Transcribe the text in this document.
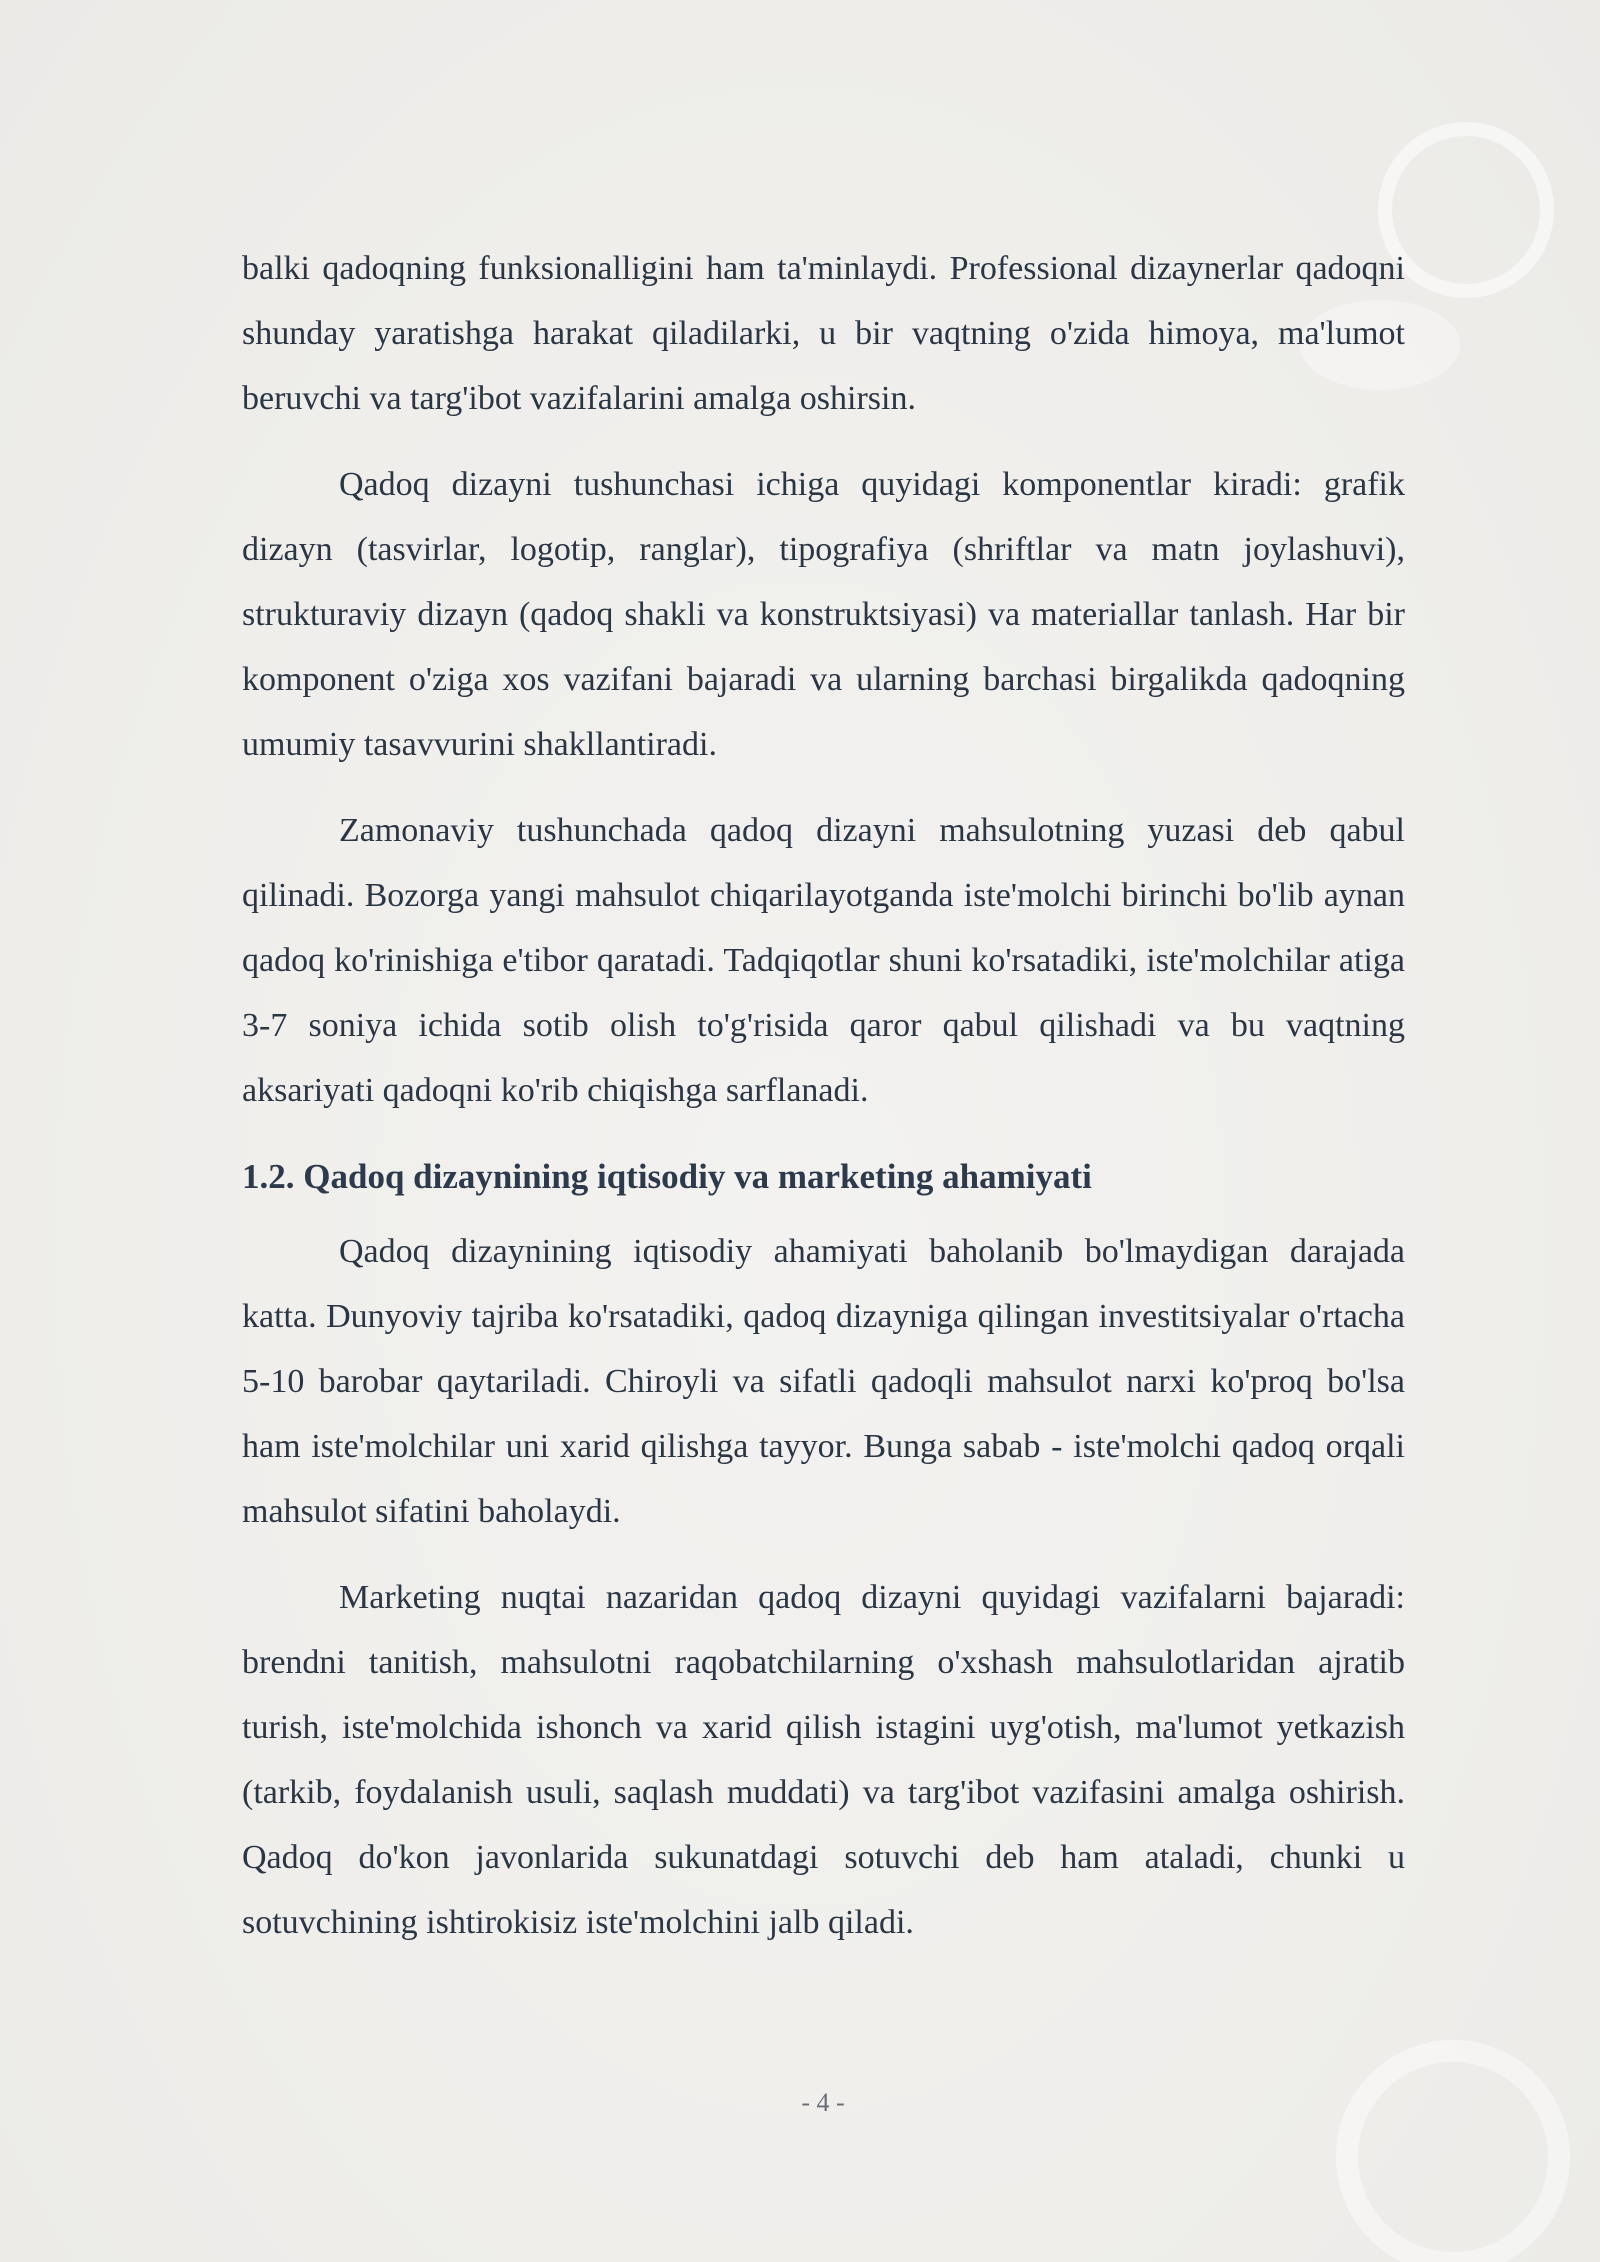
balki qadoqning funksionalligini ham ta'minlaydi. Professional dizaynerlar qadoqni shunday yaratishga harakat qiladilarki, u bir vaqtning o'zida himoya, ma'lumot beruvchi va targ'ibot vazifalarini amalga oshirsin.

Qadoq dizayni tushunchasi ichiga quyidagi komponentlar kiradi: grafik dizayn (tasvirlar, logotip, ranglar), tipografiya (shriftlar va matn joylashuvi), strukturaviy dizayn (qadoq shakli va konstruktsiyasi) va materiallar tanlash. Har bir komponent o'ziga xos vazifani bajaradi va ularning barchasi birgalikda qadoqning umumiy tasavvurini shakllantiradi.

Zamonaviy tushunchada qadoq dizayni mahsulotning yuzasi deb qabul qilinadi. Bozorga yangi mahsulot chiqarilayotganda iste'molchi birinchi bo'lib aynan qadoq ko'rinishiga e'tibor qaratadi. Tadqiqotlar shuni ko'rsatadiki, iste'molchilar atiga 3-7 soniya ichida sotib olish to'g'risida qaror qabul qilishadi va bu vaqtning aksariyati qadoqni ko'rib chiqishga sarflanadi.

1.2. Qadoq dizaynining iqtisodiy va marketing ahamiyati

Qadoq dizaynining iqtisodiy ahamiyati baholanib bo'lmaydigan darajada katta. Dunyoviy tajriba ko'rsatadiki, qadoq dizayniga qilingan investitsiyalar o'rtacha 5-10 barobar qaytariladi. Chiroyli va sifatli qadoqli mahsulot narxi ko'proq bo'lsa ham iste'molchilar uni xarid qilishga tayyor. Bunga sabab - iste'molchi qadoq orqali mahsulot sifatini baholaydi.

Marketing nuqtai nazaridan qadoq dizayni quyidagi vazifalarni bajaradi: brendni tanitish, mahsulotni raqobatchilarning o'xshash mahsulotlaridan ajratib turish, iste'molchida ishonch va xarid qilish istagini uyg'otish, ma'lumot yetkazish (tarkib, foydalanish usuli, saqlash muddati) va targ'ibot vazifasini amalga oshirish. Qadoq do'kon javonlarida sukunatdagi sotuvchi deb ham ataladi, chunki u sotuvchining ishtirokisiz iste'molchini jalb qiladi.

- 4 -
